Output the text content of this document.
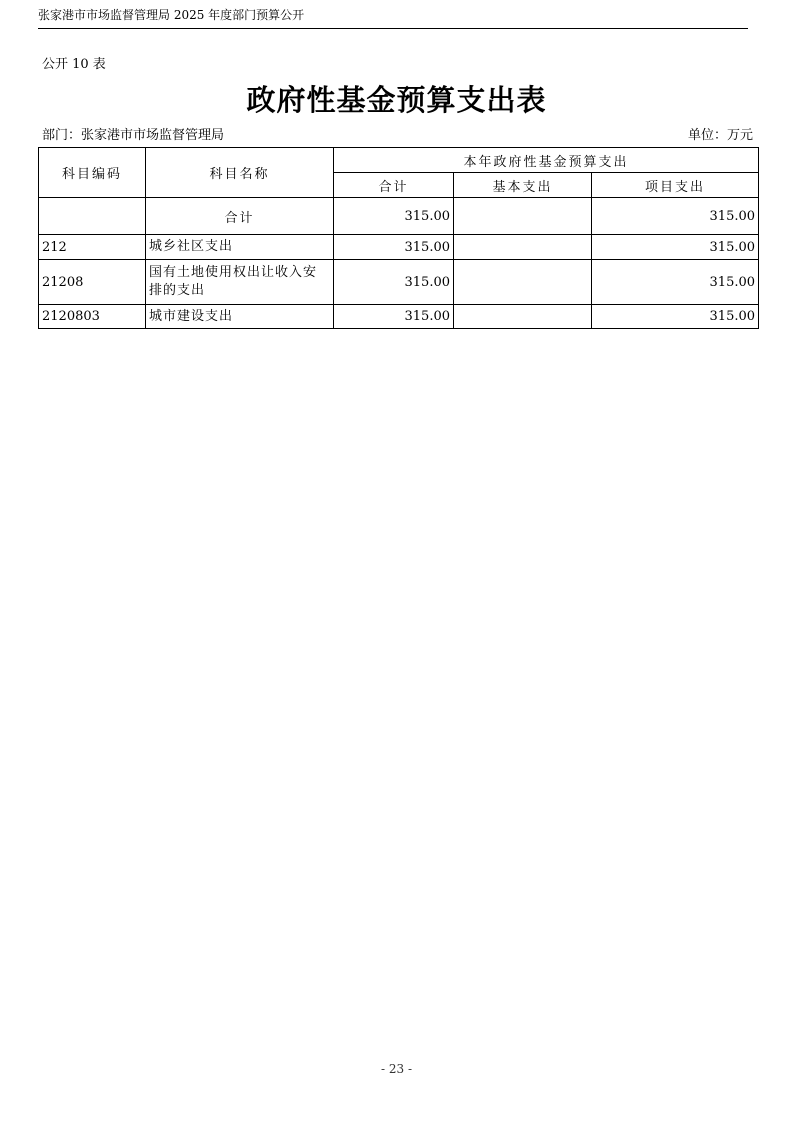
张家港市市场监督管理局 2025 年度部门预算公开
公开 10 表
政府性基金预算支出表
部门：张家港市市场监督管理局	单位：万元
科目编码	科目名称	本年政府性基金预算支出		
		合计	基本支出	项目支出
	合计	315.00		315.00
212	城乡社区支出	315.00		315.00
21208	国有土地使用权出让收入安排的支出	315.00		315.00
2120803	城市建设支出	315.00		315.00
- 23 -
